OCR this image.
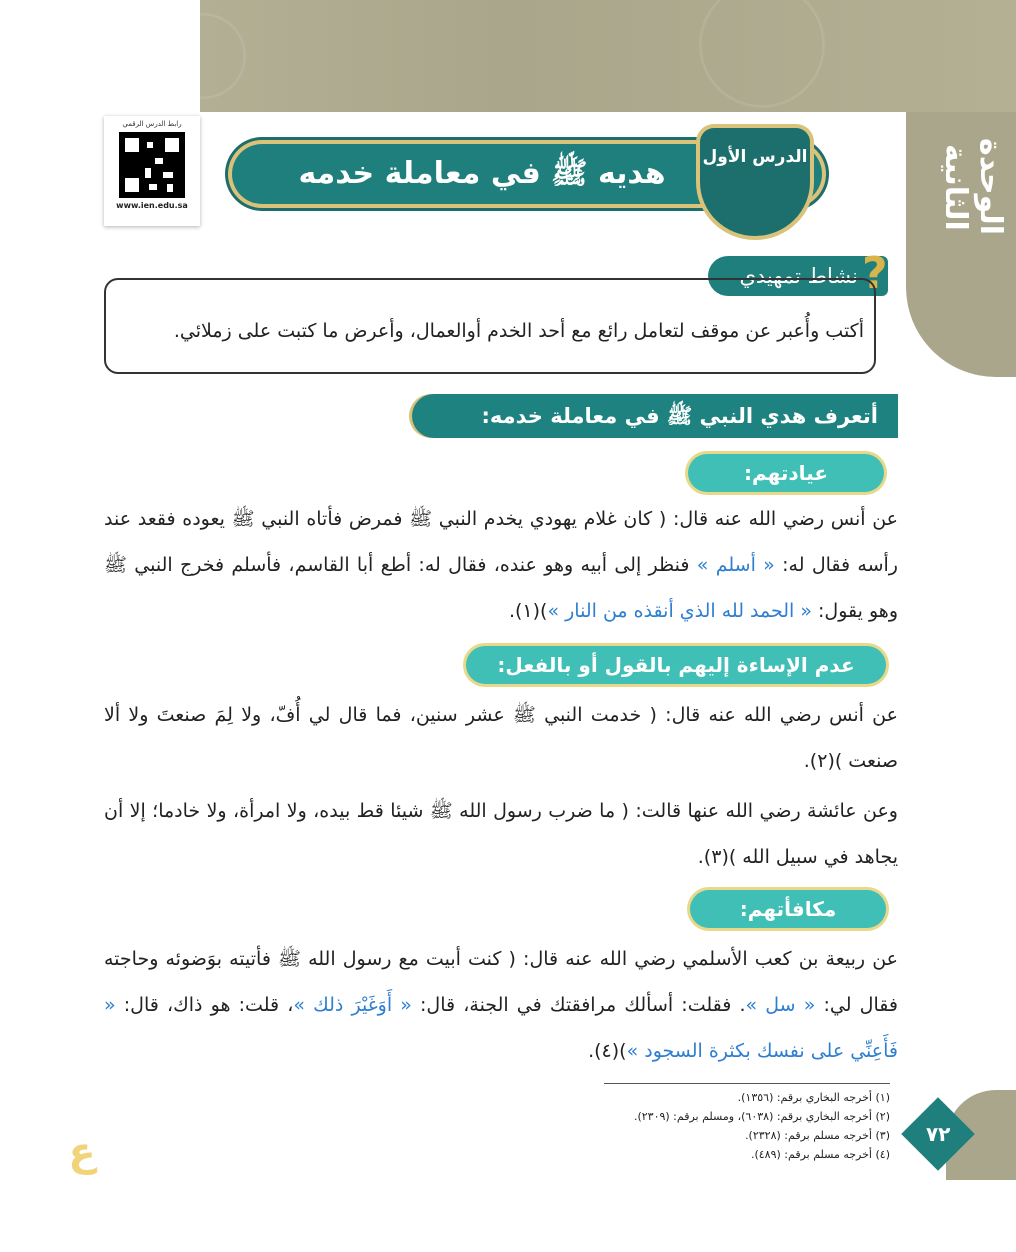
الوحدة الثانية
رابط الدرس الرقمي
www.ien.edu.sa
هديه ﷺ في معاملة خدمه	الدرس الأول
نشاط تمهيدي ?
أكتب وأُعبر عن موقف لتعامل رائع مع أحد الخدم أوالعمال، وأعرض ما كتبت على زملائي.
أتعرف هدي النبي ﷺ في معاملة خدمه:
عيادتهم:
عن أنس رضي الله عنه قال: ( كان غلام يهودي يخدم النبي ﷺ فمرض فأتاه النبي ﷺ يعوده فقعد عند رأسه فقال له: « أسلم » فنظر إلى أبيه وهو عنده، فقال له: أطع أبا القاسم، فأسلم فخرج النبي ﷺ وهو يقول: « الحمد لله الذي أنقذه من النار »)(١).
عدم الإساءة إليهم بالقول أو بالفعل:
عن أنس رضي الله عنه قال: ( خدمت النبي ﷺ عشر سنين، فما قال لي أُفّ، ولا لِمَ صنعتَ ولا ألا صنعت )(٢).
وعن عائشة رضي الله عنها قالت: ( ما ضرب رسول الله ﷺ شيئا قط بيده، ولا امرأة، ولا خادما؛ إلا أن يجاهد في سبيل الله )(٣).
مكافأتهم:
عن ربيعة بن كعب الأسلمي رضي الله عنه قال: ( كنت أبيت مع رسول الله ﷺ فأتيته بوَضوئه وحاجته فقال لي: « سل ». فقلت: أسألك مرافقتك في الجنة، قال: « أَوَغَيْرَ ذلك »، قلت: هو ذاك، قال: « فَأَعِنِّي على نفسك بكثرة السجود »)(٤).
(١) أخرجه البخاري برقم: (١٣٥٦).
(٢) أخرجه البخاري برقم: (٦٠٣٨)، ومسلم برقم: (٢٣٠٩).
(٣) أخرجه مسلم برقم: (٢٣٢٨).
(٤) أخرجه مسلم برقم: (٤٨٩).
٧٢
ع
